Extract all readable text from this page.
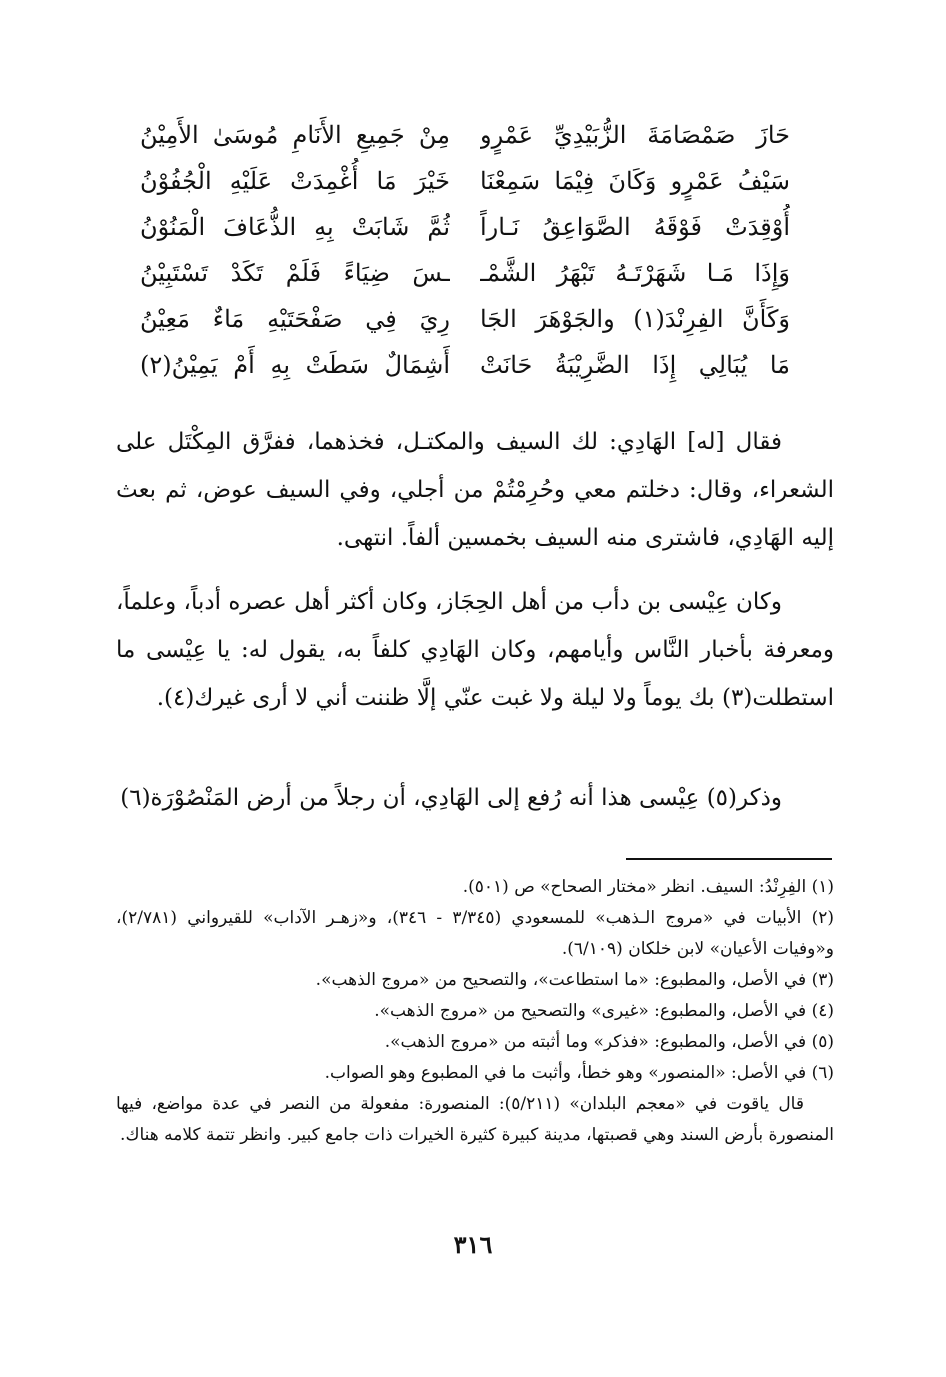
حَازَ صَمْصَامَةَ الزُّبَيْدِيِّ عَمْرٍو
مِنْ جَمِيعِ الأَنَامِ مُوسَىٰ الأَمِيْنُ
سَيْفُ عَمْرٍو وَكَانَ فِيْمَا سَمِعْنَا
خَيْرَ مَا أُغْمِدَتْ عَلَيْهِ الْجُفُوْنُ
أُوْقِدَتْ فَوْقَهُ الصَّوَاعِقُ نَـاراً
ثُمَّ شَابَتْ بِهِ الذُّعَافَ الْمَنُوْنُ
وَإِذَا مَـا شَهَرْتَـهُ تَبْهَرُ الشَّمْـ
ـسَ ضِيَاءً فَلَمْ تَكَدْ تَسْتَبِيْنُ
وَكَأَنَّ الفِرِنْدَ(١) والجَوْهَرَ الجَا
رِيَ فِي صَفْحَتَيْهِ مَاءٌ مَعِيْنُ
مَا يُبَالِي إِذَا الضَّرِيْبَةُ حَانَتْ
أَشِمَالٌ سَطَتْ بِهِ أَمْ يَمِيْنُ(٢)

فقال [له] الهَادِي: لك السيف والمكتـل، فخذهما، ففرَّق المِكْتَل على الشعراء، وقال: دخلتم معي وحُرِمْتُمْ من أجلي، وفي السيف عوض، ثم بعث إليه الهَادِي، فاشترى منه السيف بخمسين ألفاً. انتهى.

وكان عِيْسى بن دأب من أهل الحِجَاز، وكان أكثر أهل عصره أدباً، وعلماً، ومعرفة بأخبار النَّاس وأيامهم، وكان الهَادِي كلفاً به، يقول له: يا عِيْسى ما استطلت(٣) بك يوماً ولا ليلة ولا غبت عنّي إلَّا ظننت أني لا أرى غيرك(٤).

وذكر(٥) عِيْسى هذا أنه رُفع إلى الهَادِي، أن رجلاً من أرض المَنْصُوْرَة(٦)

(١) الفِرِنْدُ: السيف. انظر «مختار الصحاح» ص (٥٠١).

(٢) الأبيات في «مروج الـذهب» للمسعودي (٣/٣٤٥ - ٣٤٦)، و«زهـر الآداب» للقيرواني (٢/٧٨١)، و«وفيات الأعيان» لابن خلكان (٦/١٠٩).

(٣) في الأصل، والمطبوع: «ما استطاعت»، والتصحيح من «مروج الذهب».

(٤) في الأصل، والمطبوع: «غيرى» والتصحيح من «مروج الذهب».

(٥) في الأصل، والمطبوع: «فذكر» وما أثبته من «مروج الذهب».

(٦) في الأصل: «المنصور» وهو خطأ، وأثبت ما في المطبوع وهو الصواب.

قال ياقوت في «معجم البلدان» (٥/٢١١): المنصورة: مفعولة من النصر في عدة مواضع، فيها المنصورة بأرض السند وهي قصبتها، مدينة كبيرة كثيرة الخيرات ذات جامع كبير. وانظر تتمة كلامه هناك.

٣١٦
